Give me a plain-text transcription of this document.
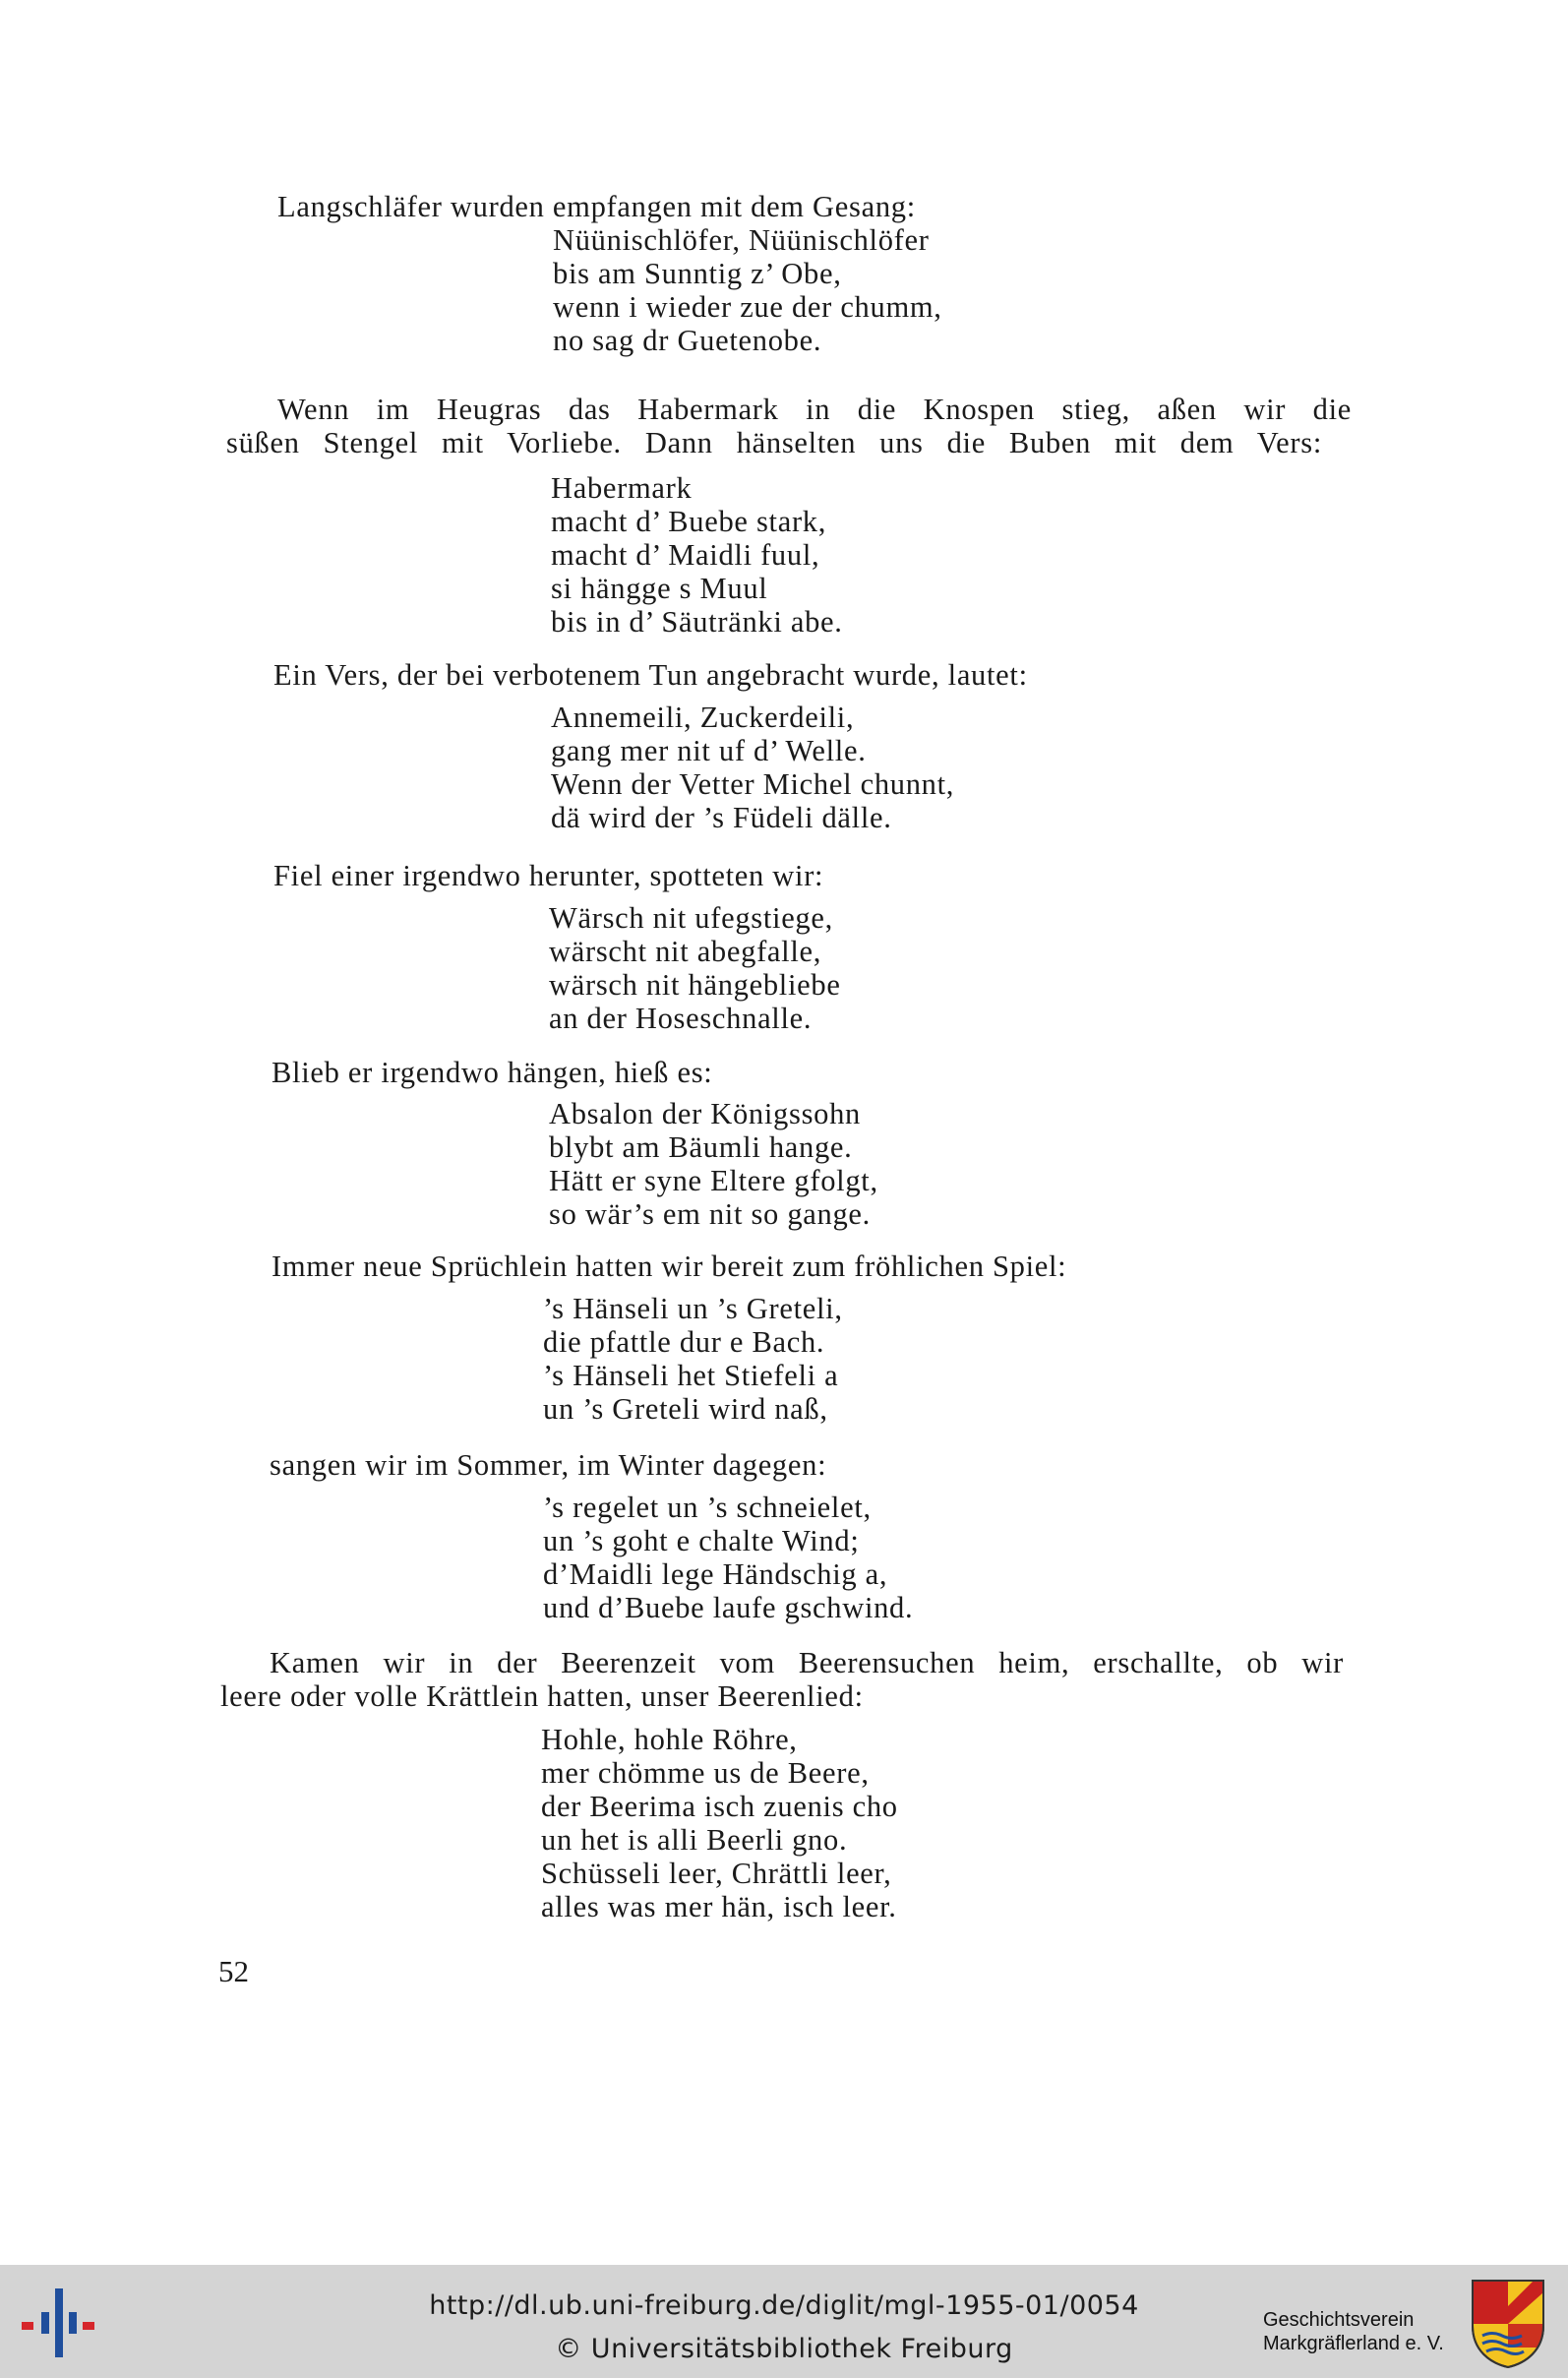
Langschläfer wurden empfangen mit dem Gesang:
Nüünischlöfer, Nüünischlöfer
bis am Sunntig z’ Obe,
wenn i wieder zue der chumm,
no sag dr Guetenobe.
Wenn im Heugras das Habermark in die Knospen stieg, aßen wir die
süßen Stengel mit Vorliebe. Dann hänselten uns die Buben mit dem Vers:
Habermark
macht d’ Buebe stark,
macht d’ Maidli fuul,
si hängge s Muul
bis in d’ Säutränki abe.
Ein Vers, der bei verbotenem Tun angebracht wurde, lautet:
Annemeili, Zuckerdeili,
gang mer nit uf d’ Welle.
Wenn der Vetter Michel chunnt,
dä wird der ’s Füdeli dälle.
Fiel einer irgendwo herunter, spotteten wir:
Wärsch nit ufegstiege,
wärscht nit abegfalle,
wärsch nit hängebliebe
an der Hoseschnalle.
Blieb er irgendwo hängen, hieß es:
Absalon der Königssohn
blybt am Bäumli hange.
Hätt er syne Eltere gfolgt,
so wär’s em nit so gange.
Immer neue Sprüchlein hatten wir bereit zum fröhlichen Spiel:
’s Hänseli un ’s Greteli,
die pfattle dur e Bach.
’s Hänseli het Stiefeli a
un ’s Greteli wird naß,
sangen wir im Sommer, im Winter dagegen:
’s regelet un ’s schneielet,
un ’s goht e chalte Wind;
d’Maidli lege Händschig a,
und d’Buebe laufe gschwind.
Kamen wir in der Beerenzeit vom Beerensuchen heim, erschallte, ob wir
leere oder volle Krättlein hatten, unser Beerenlied:
Hohle, hohle Röhre,
mer chömme us de Beere,
der Beerima isch zuenis cho
un het is alli Beerli gno.
Schüsseli leer, Chrättli leer,
alles was mer hän, isch leer.
52
http://dl.ub.uni-freiburg.de/diglit/mgl-1955-01/0054
© Universitätsbibliothek Freiburg
Geschichtsverein
Markgräflerland e. V.
